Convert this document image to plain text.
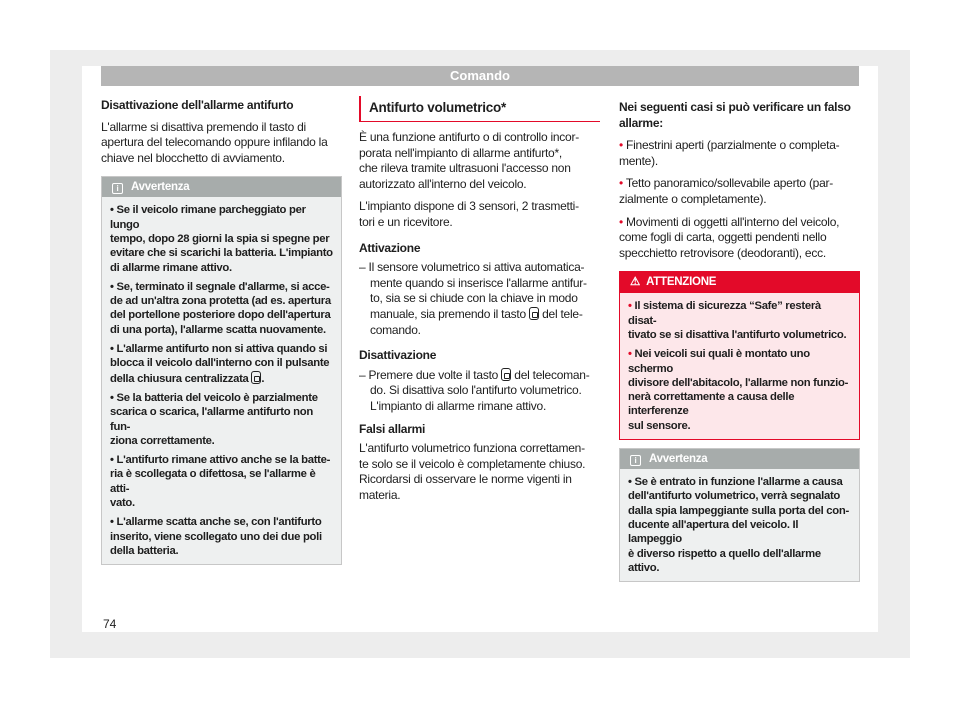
Comando
Disattivazione dell'allarme antifurto

L'allarme si disattiva premendo il tasto di
apertura del telecomando oppure infilando la
chiave nel blocchetto di avviamento.

i Avvertenza
• Se il veicolo rimane parcheggiato per lungo
tempo, dopo 28 giorni la spia si spegne per
evitare che si scarichi la batteria. L'impianto
di allarme rimane attivo.
• Se, terminato il segnale d'allarme, si acce-
de ad un'altra zona protetta (ad es. apertura
del portellone posteriore dopo dell'apertura
di una porta), l'allarme scatta nuovamente.
• L'allarme antifurto non si attiva quando si
blocca il veicolo dall'interno con il pulsante
della chiusura centralizzata .
• Se la batteria del veicolo è parzialmente
scarica o scarica, l'allarme antifurto non fun-
ziona correttamente.
• L'antifurto rimane attivo anche se la batte-
ria è scollegata o difettosa, se l'allarme è atti-
vato.
• L'allarme scatta anche se, con l'antifurto
inserito, viene scollegato uno dei due poli
della batteria.
Antifurto volumetrico*

È una funzione antifurto o di controllo incor-
porata nell'impianto di allarme antifurto*,
che rileva tramite ultrasuoni l'accesso non
autorizzato all'interno del veicolo.

L'impianto dispone di 3 sensori, 2 trasmetti-
tori e un ricevitore.

Attivazione

– Il sensore volumetrico si attiva automatica-
mente quando si inserisce l'allarme antifur-
to, sia se si chiude con la chiave in modo
manuale, sia premendo il tasto del tele-
comando.

Disattivazione

– Premere due volte il tasto del telecoman-
do. Si disattiva solo l'antifurto volumetrico.
L'impianto di allarme rimane attivo.

Falsi allarmi

L'antifurto volumetrico funziona correttamen-
te solo se il veicolo è completamente chiuso.
Ricordarsi di osservare le norme vigenti in
materia.

Nei seguenti casi si può verificare un falso
allarme:

• Finestrini aperti (parzialmente o completa-
mente).

• Tetto panoramico/sollevabile aperto (par-
zialmente o completamente).

• Movimenti di oggetti all'interno del veicolo,
come fogli di carta, oggetti pendenti nello
specchietto retrovisore (deodoranti), ecc.

⚠ ATTENZIONE
• Il sistema di sicurezza “Safe” resterà disat-
tivato se si disattiva l'antifurto volumetrico.
• Nei veicoli sui quali è montato uno schermo
divisore dell'abitacolo, l'allarme non funzio-
nerà correttamente a causa delle interferenze
sul sensore.
i Avvertenza
• Se è entrato in funzione l'allarme a causa
dell'antifurto volumetrico, verrà segnalato
dalla spia lampeggiante sulla porta del con-
ducente all'apertura del veicolo. Il lampeggio
è diverso rispetto a quello dell'allarme attivo.
74
